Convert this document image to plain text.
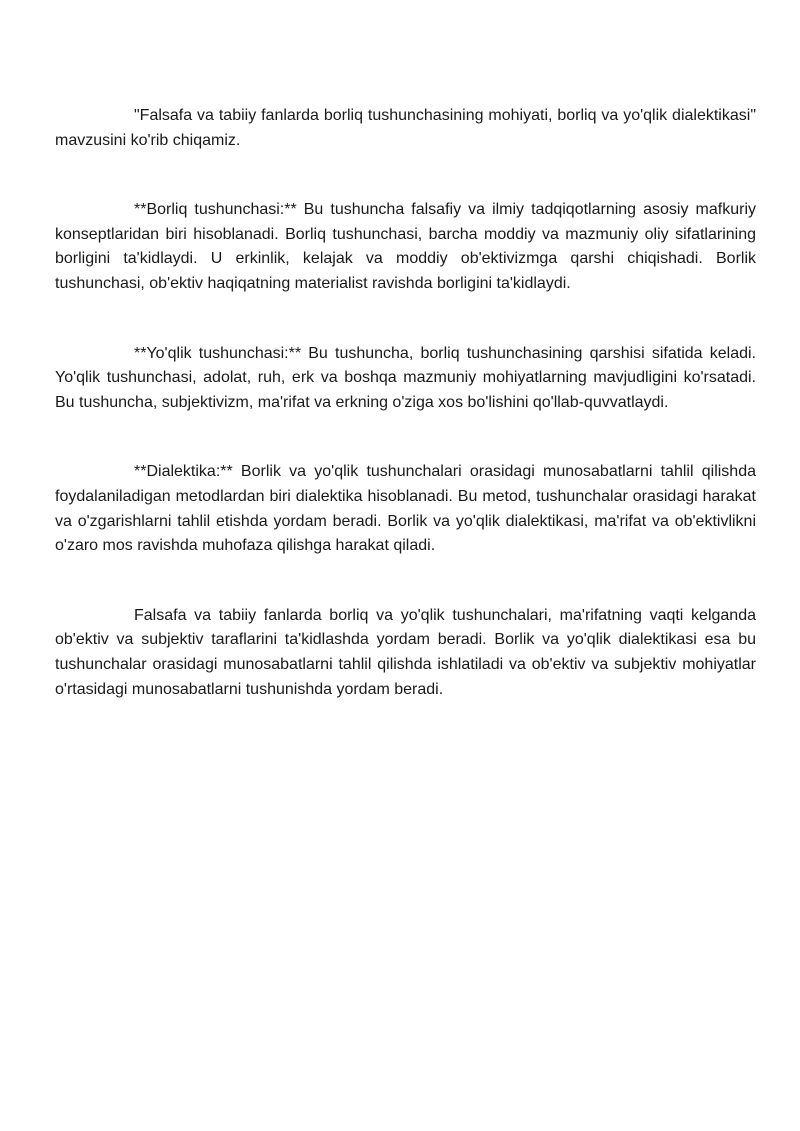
"Falsafa va tabiiy fanlarda borliq tushunchasining mohiyati, borliq va yo'qlik dialektikasi" mavzusini ko'rib chiqamiz.

**Borliq tushunchasi:** Bu tushuncha falsafiy va ilmiy tadqiqotlarning asosiy mafkuriy konseptlaridan biri hisoblanadi. Borliq tushunchasi, barcha moddiy va mazmuniy oliy sifatlarining borligini ta'kidlaydi. U erkinlik, kelajak va moddiy ob'ektivizmga qarshi chiqishadi. Borlik tushunchasi, ob'ektiv haqiqatning materialist ravishda borligini ta'kidlaydi.

**Yo'qlik tushunchasi:** Bu tushuncha, borliq tushunchasining qarshisi sifatida keladi. Yo'qlik tushunchasi, adolat, ruh, erk va boshqa mazmuniy mohiyatlarning mavjudligini ko'rsatadi. Bu tushuncha, subjektivizm, ma'rifat va erkning o'ziga xos bo'lishini qo'llab-quvvatlaydi.

**Dialektika:** Borlik va yo'qlik tushunchalari orasidagi munosabatlarni tahlil qilishda foydalaniladigan metodlardan biri dialektika hisoblanadi. Bu metod, tushunchalar orasidagi harakat va o'zgarishlarni tahlil etishda yordam beradi. Borlik va yo'qlik dialektikasi, ma'rifat va ob'ektivlikni o'zaro mos ravishda muhofaza qilishga harakat qiladi.

Falsafa va tabiiy fanlarda borliq va yo'qlik tushunchalari, ma'rifatning vaqti kelganda ob'ektiv va subjektiv taraflarini ta'kidlashda yordam beradi. Borlik va yo'qlik dialektikasi esa bu tushunchalar orasidagi munosabatlarni tahlil qilishda ishlatiladi va ob'ektiv va subjektiv mohiyatlar o'rtasidagi munosabatlarni tushunishda yordam beradi.
